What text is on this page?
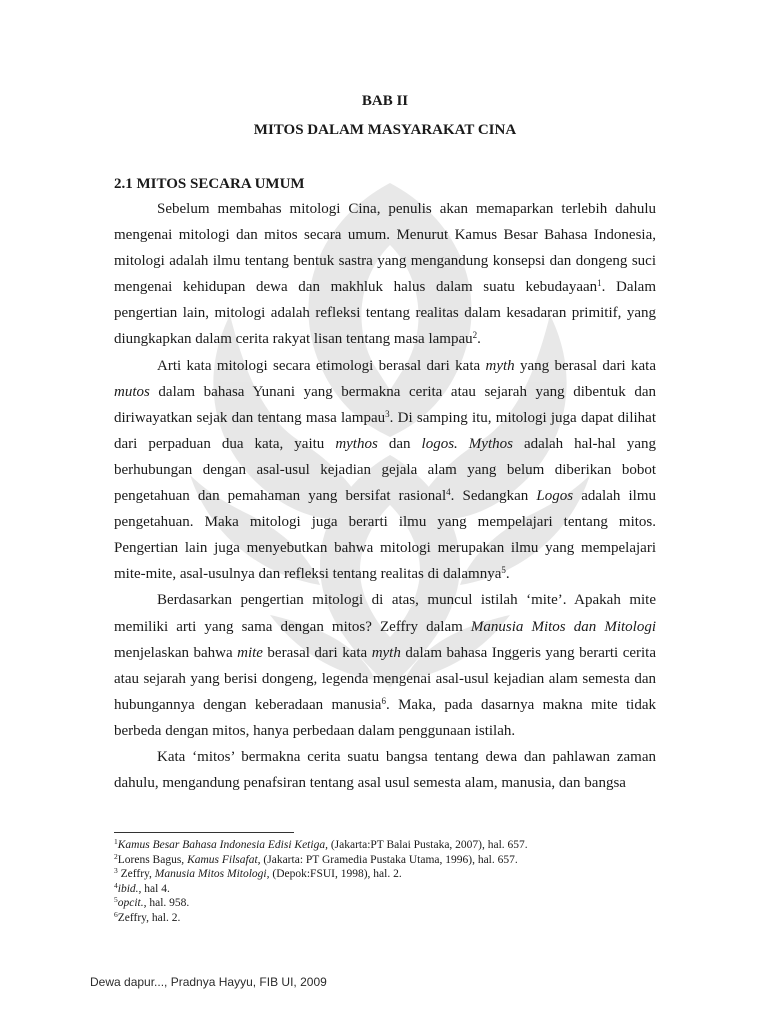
BAB II
MITOS DALAM MASYARAKAT CINA
2.1 MITOS SECARA UMUM

Sebelum membahas mitologi Cina, penulis akan memaparkan terlebih dahulu mengenai mitologi dan mitos secara umum. Menurut Kamus Besar Bahasa Indonesia, mitologi adalah ilmu tentang bentuk sastra yang mengandung konsepsi dan dongeng suci mengenai kehidupan dewa dan makhluk halus dalam suatu kebudayaan$^1$. Dalam pengertian lain, mitologi adalah refleksi tentang realitas dalam kesadaran primitif, yang diungkapkan dalam cerita rakyat lisan tentang masa lampau$^2$.

Arti kata mitologi secara etimologi berasal dari kata myth yang berasal dari kata mutos dalam bahasa Yunani yang bermakna cerita atau sejarah yang dibentuk dan diriwayatkan sejak dan tentang masa lampau$^3$. Di samping itu, mitologi juga dapat dilihat dari perpaduan dua kata, yaitu mythos dan logos. Mythos adalah hal-hal yang berhubungan dengan asal-usul kejadian gejala alam yang belum diberikan bobot pengetahuan dan pemahaman yang bersifat rasional$^4$. Sedangkan Logos adalah ilmu pengetahuan. Maka mitologi juga berarti ilmu yang mempelajari tentang mitos. Pengertian lain juga menyebutkan bahwa mitologi merupakan ilmu yang mempelajari mite-mite, asal-usulnya dan refleksi tentang realitas di dalamnya$^5$.

Berdasarkan pengertian mitologi di atas, muncul istilah ‘mite’. Apakah mite memiliki arti yang sama dengan mitos? Zeffry dalam Manusia Mitos dan Mitologi menjelaskan bahwa mite berasal dari kata myth dalam bahasa Inggeris yang berarti cerita atau sejarah yang berisi dongeng, legenda mengenai asal-usul kejadian alam semesta dan hubungannya dengan keberadaan manusia$^6$. Maka, pada dasarnya makna mite tidak berbeda dengan mitos, hanya perbedaan dalam penggunaan istilah.

Kata ‘mitos’ bermakna cerita suatu bangsa tentang dewa dan pahlawan zaman dahulu, mengandung penafsiran tentang asal usul semesta alam, manusia, dan bangsa

$^1$Kamus Besar Bahasa Indonesia Edisi Ketiga, (Jakarta:PT Balai Pustaka, 2007), hal. 657.
$^2$Lorens Bagus, Kamus Filsafat, (Jakarta: PT Gramedia Pustaka Utama, 1996), hal. 657.
$^3$ Zeffry, Manusia Mitos Mitologi, (Depok:FSUI, 1998), hal. 2.
$^4$ibid., hal 4.
$^5$opcit., hal. 958.
$^6$Zeffry, hal. 2.
Dewa dapur..., Pradnya Hayyu, FIB UI, 2009
